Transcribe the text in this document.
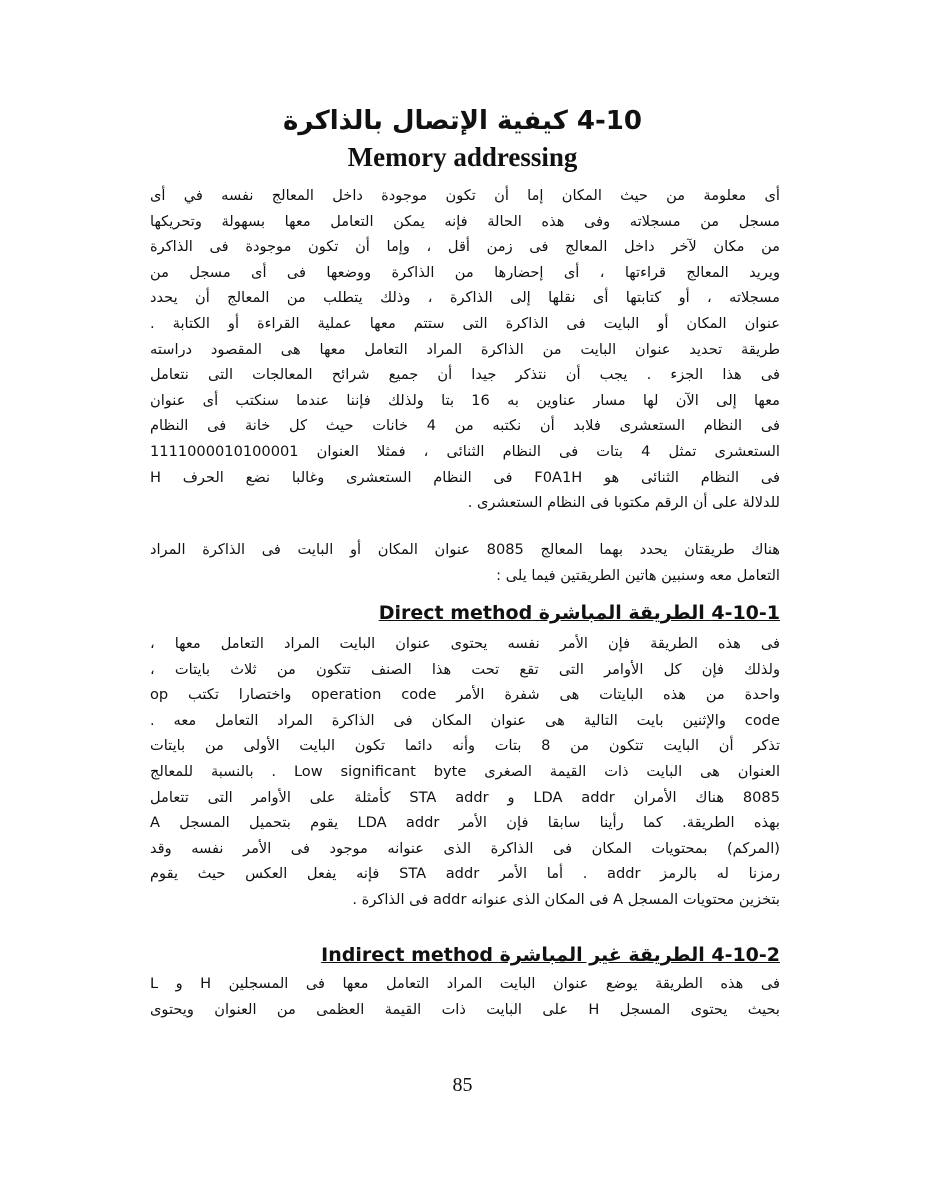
4-10 كيفية الإتصال بالذاكرة
Memory addressing
أى معلومة من حيث المكان إما أن تكون موجودة داخل المعالج نفسه في أى
مسجل من مسجلاته وفى هذه الحالة فإنه يمكن التعامل معها بسهولة وتحريكها
من مكان لآخر داخل المعالج فى زمن أقل ، وإما أن تكون موجودة فى الذاكرة
ويريد المعالج قراءتها ، أى إحضارها من الذاكرة ووضعها فى أى مسجل من
مسجلاته ، أو كتابتها أى نقلها إلى الذاكرة ، وذلك يتطلب من المعالج أن يحدد
عنوان المكان أو البايت فى الذاكرة التى ستتم معها عملية القراءة أو الكتابة .
طريقة تحديد عنوان البايت من الذاكرة المراد التعامل معها هى المقصود دراسته
فى هذا الجزء . يجب أن نتذكر جيدا أن جميع شرائح المعالجات التى نتعامل
معها إلى الآن لها مسار عناوين به 16 بتا ولذلك فإننا عندما سنكتب أى عنوان
فى النظام الستعشرى فلابد أن نكتبه من 4 خانات حيث كل خانة فى النظام
الستعشرى تمثل 4 بتات فى النظام الثنائى ، فمثلا العنوان 1111000010100001
فى النظام الثنائى هو F0A1H فى النظام الستعشرى وغالبا نضع الحرف H
للدلالة على أن الرقم مكتوبا فى النظام الستعشرى .
هناك طريقتان يحدد بهما المعالج 8085 عنوان المكان أو البايت فى الذاكرة المراد
التعامل معه وسنبين هاتين الطريقتين فيما يلى :
4-10-1 الطريقة المباشرة Direct method
فى هذه الطريقة فإن الأمر نفسه يحتوى عنوان البايت المراد التعامل معها ،
ولذلك فإن كل الأوامر التى تقع تحت هذا الصنف تتكون من ثلاث بايتات ،
واحدة من هذه البايتات هى شفرة الأمر operation code واختصارا تكتب op
code والإثنين بايت التالية هى عنوان المكان فى الذاكرة المراد التعامل معه .
تذكر أن البايت تتكون من 8 بتات وأنه دائما تكون البايت الأولى من بايتات
العنوان هى البايت ذات القيمة الصغرى Low significant byte . بالنسبة للمعالج
8085 هناك الأمران LDA addr و STA addr كأمثلة على الأوامر التى تتعامل
بهذه الطريقة. كما رأينا سابقا فإن الأمر LDA addr يقوم بتحميل المسجل A
(المركم) بمحتويات المكان فى الذاكرة الذى عنوانه موجود فى الأمر نفسه وقد
رمزنا له بالرمز addr . أما الأمر STA addr فإنه يفعل العكس حيث يقوم
بتخزين محتويات المسجل A فى المكان الذى عنوانه addr فى الذاكرة .
4-10-2 الطريقة غير المباشرة Indirect method
فى هذه الطريقة يوضع عنوان البايت المراد التعامل معها فى المسجلين H و L
بحيث يحتوى المسجل H على البايت ذات القيمة العظمى من العنوان ويحتوى
85
